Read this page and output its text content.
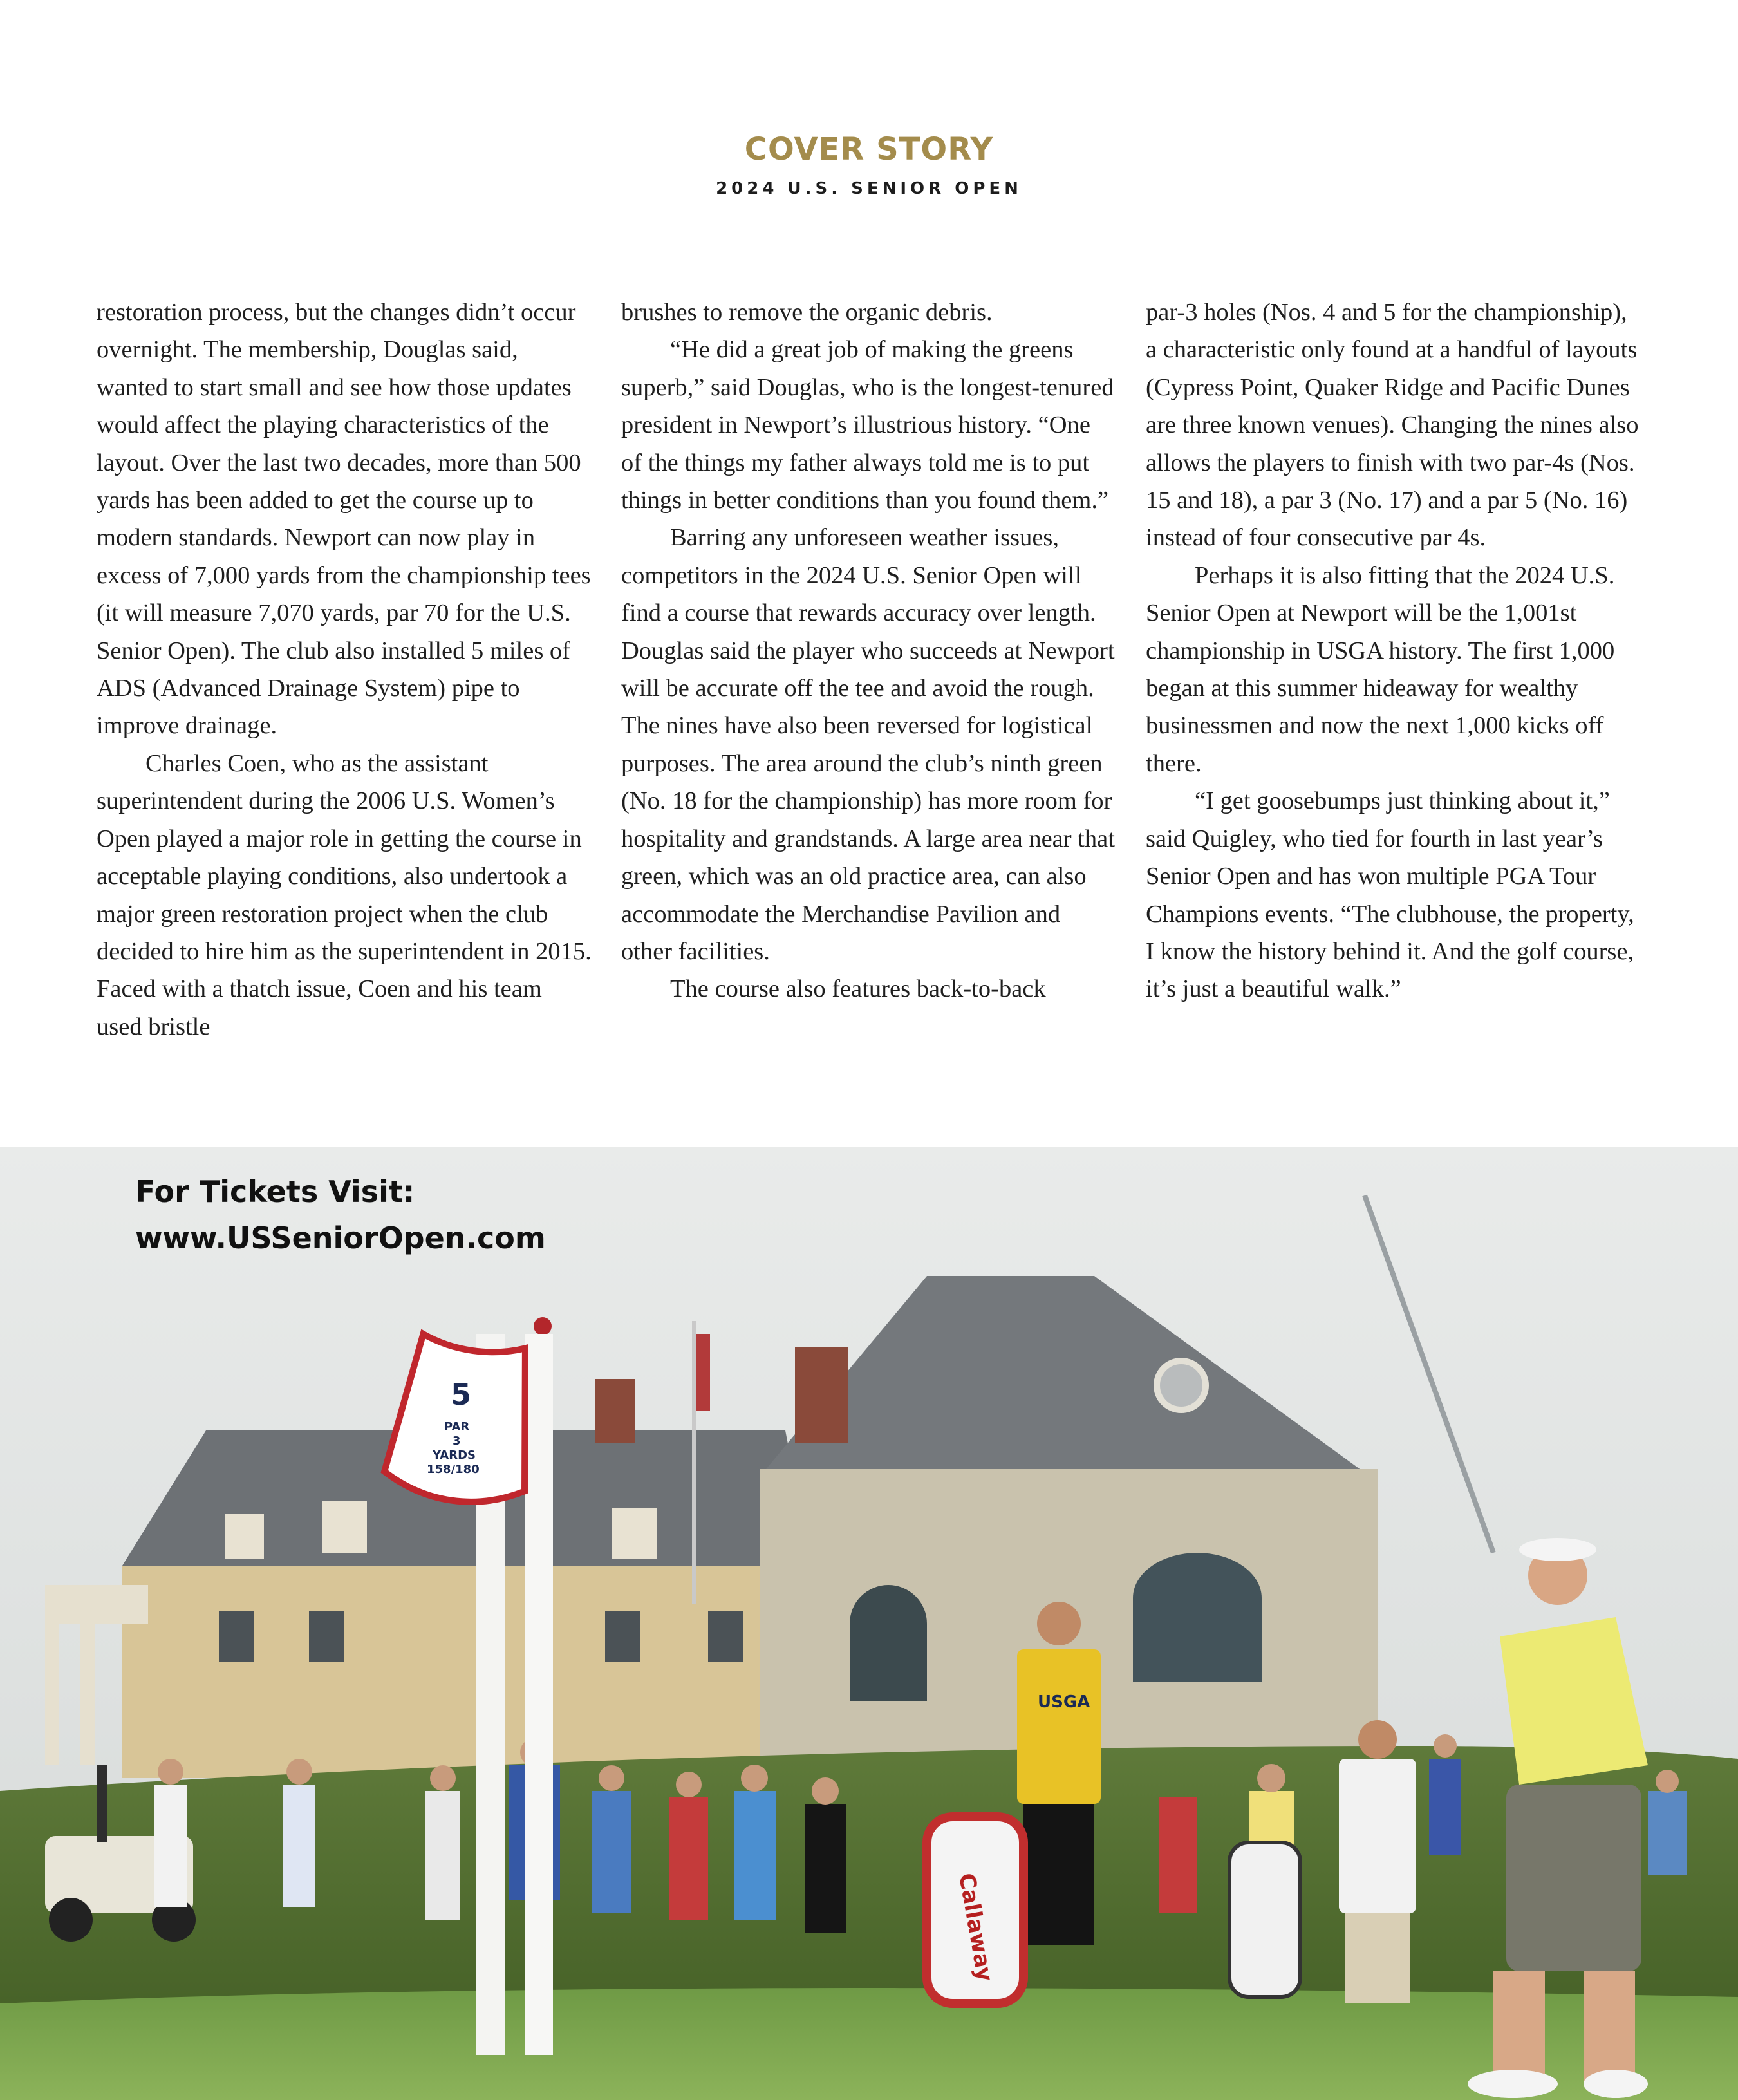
COVER STORY
2024 U.S. SENIOR OPEN

restoration process, but the changes didn’t occur overnight. The membership, Douglas said, wanted to start small and see how those updates would affect the playing characteristics of the layout. Over the last two decades, more than 500 yards has been added to get the course up to modern standards. Newport can now play in excess of 7,000 yards from the championship tees (it will measure 7,070 yards, par 70 for the U.S. Senior Open). The club also installed 5 miles of ADS (Advanced Drainage System) pipe to improve drainage.

Charles Coen, who as the assistant superintendent during the 2006 U.S. Women’s Open played a major role in getting the course in acceptable playing conditions, also undertook a major green restoration project when the club decided to hire him as the superintendent in 2015. Faced with a thatch issue, Coen and his team used bristle

brushes to remove the organic debris.

“He did a great job of making the greens superb,” said Douglas, who is the longest-tenured president in Newport’s illustrious history. “One of the things my father always told me is to put things in better conditions than you found them.”

Barring any unforeseen weather issues, competitors in the 2024 U.S. Senior Open will find a course that rewards accuracy over length. Douglas said the player who succeeds at Newport will be accurate off the tee and avoid the rough. The nines have also been reversed for logistical purposes. The area around the club’s ninth green (No. 18 for the championship) has more room for hospitality and grandstands. A large area near that green, which was an old practice area, can also accommodate the Merchandise Pavilion and other facilities.

The course also features back-to-back

par-3 holes (Nos. 4 and 5 for the championship), a characteristic only found at a handful of layouts (Cypress Point, Quaker Ridge and Pacific Dunes are three known venues). Changing the nines also allows the players to finish with two par-4s (Nos. 15 and 18), a par 3 (No. 17) and a par 5 (No. 16) instead of four consecutive par 4s.

Perhaps it is also fitting that the 2024 U.S. Senior Open at Newport will be the 1,001st championship in USGA history. The first 1,000 began at this summer hideaway for wealthy businessmen and now the next 1,000 kicks off there.

“I get goosebumps just thinking about it,” said Quigley, who tied for fourth in last year’s Senior Open and has won multiple PGA Tour Champions events. “The clubhouse, the property, I know the history behind it. And the golf course, it’s just a beautiful walk.”

USGA
Callaway
5
PAR
3
YARDS
158/180
For Tickets Visit:
www.USSeniorOpen.com
